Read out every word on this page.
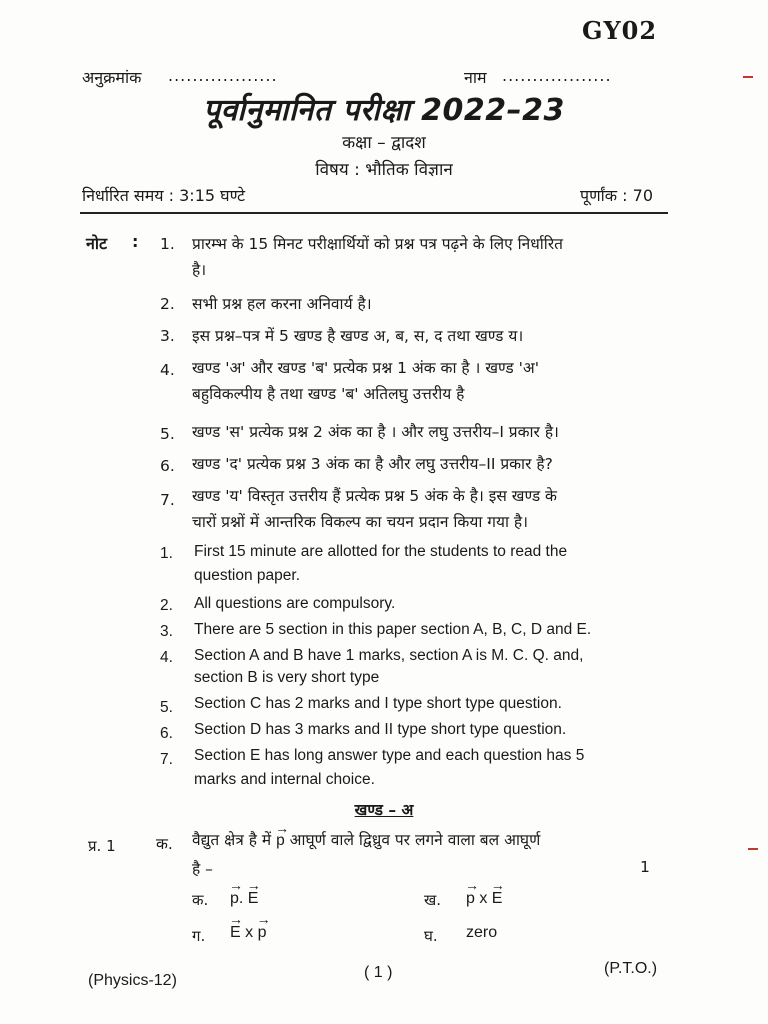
GY02
अनुक्रमांक ..................	नाम ..................
पूर्वानुमानित परीक्षा 2022–23
कक्षा – द्वादश
विषय : भौतिक विज्ञान
निर्धारित समय : 3:15 घण्टे	पूर्णांक : 70
नोट : 1. प्रारम्भ के 15 मिनट परीक्षार्थियों को प्रश्न पत्र पढ़ने के लिए निर्धारित
है।
2. सभी प्रश्न हल करना अनिवार्य है।
3. इस प्रश्न–पत्र में 5 खण्ड है खण्ड अ, ब, स, द तथा खण्ड य।
4. खण्ड 'अ' और खण्ड 'ब' प्रत्येक प्रश्न 1 अंक का है । खण्ड 'अ'
बहुविकल्पीय है तथा खण्ड 'ब' अतिलघु उत्तरीय है
5. खण्ड 'स' प्रत्येक प्रश्न 2 अंक का है । और लघु उत्तरीय–I प्रकार है।
6. खण्ड 'द' प्रत्येक प्रश्न 3 अंक का है और लघु उत्तरीय–II प्रकार है?
7. खण्ड 'य' विस्तृत उत्तरीय हैं प्रत्येक प्रश्न 5 अंक के है। इस खण्ड के
चारों प्रश्नों में आन्तरिक विकल्प का चयन प्रदान किया गया है।
1. First 15 minute are allotted for the students to read the
question paper.
2. All questions are compulsory.
3. There are 5 section in this paper section A, B, C, D and E.
4. Section A and B have 1 marks, section A is M. C. Q. and,
section B is very short type
5. Section C has 2 marks and I type short type question.
6. Section D has 3 marks and II type short type question.
7. Section E has long answer type and each question has 5
marks and internal choice.
खण्ड – अ
प्र. 1	क. वैद्युत क्षेत्र है में → p आघूर्ण वाले द्विध्रुव पर लगने वाला बल आघूर्ण
है –	1
क. → p. → E	ख. → p x → E
ग. → E x → p	घ. zero
(Physics-12)	( 1 )	(P.T.O.)
